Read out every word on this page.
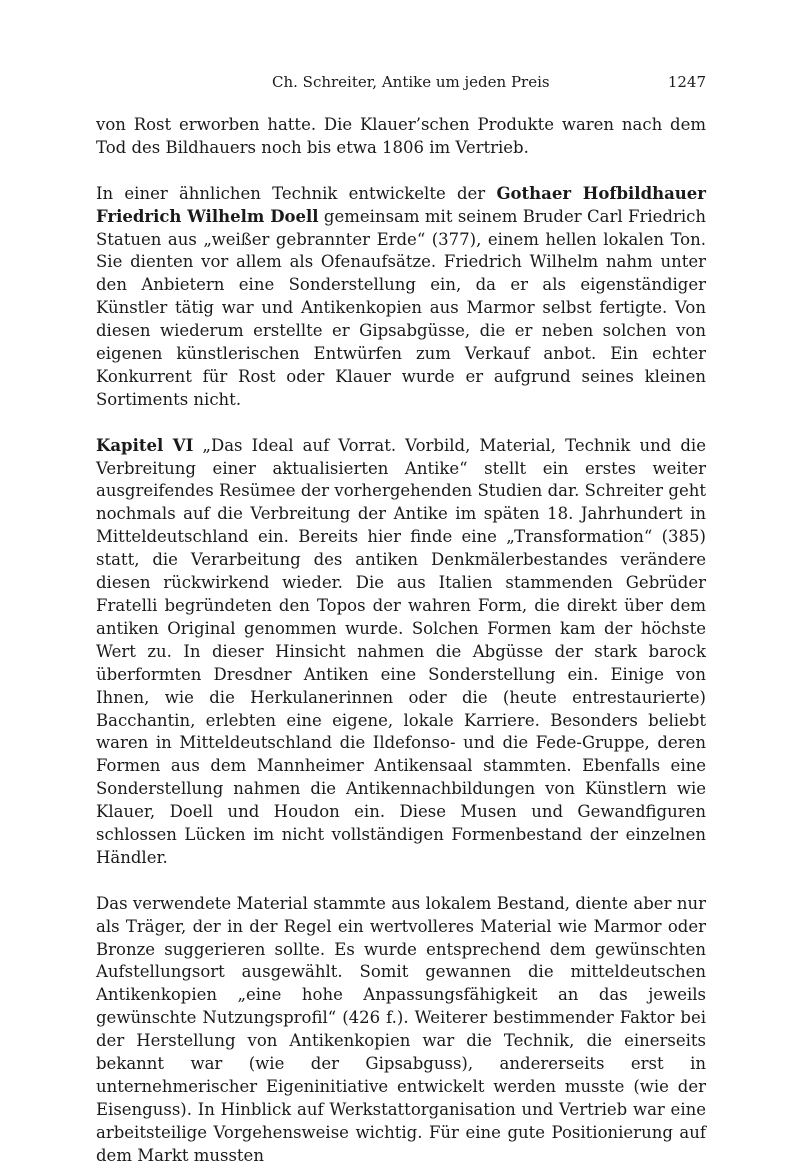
Ch. Schreiter, Antike um jeden Preis	1247

von Rost erworben hatte. Die Klauer’schen Produkte waren nach dem Tod des Bildhauers noch bis etwa 1806 im Vertrieb.

In einer ähnlichen Technik entwickelte der Gothaer Hofbildhauer Friedrich Wilhelm Doell gemeinsam mit seinem Bruder Carl Friedrich Statuen aus „weißer gebrannter Erde“ (377), einem hellen lokalen Ton. Sie dienten vor allem als Ofenaufsätze. Friedrich Wilhelm nahm unter den Anbietern eine Sonderstellung ein, da er als eigenständiger Künstler tätig war und Antikenkopien aus Marmor selbst fertigte. Von diesen wiederum erstellte er Gipsabgüsse, die er neben solchen von eigenen künstlerischen Entwürfen zum Verkauf anbot. Ein echter Konkurrent für Rost oder Klauer wurde er aufgrund seines kleinen Sortiments nicht.

Kapitel VI „Das Ideal auf Vorrat. Vorbild, Material, Technik und die Verbreitung einer aktualisierten Antike“ stellt ein erstes weiter ausgreifendes Resümee der vorhergehenden Studien dar. Schreiter geht nochmals auf die Verbreitung der Antike im späten 18. Jahrhundert in Mitteldeutschland ein. Bereits hier finde eine „Transformation“ (385) statt, die Verarbeitung des antiken Denkmälerbestandes verändere diesen rückwirkend wieder. Die aus Italien stammenden Gebrüder Fratelli begründeten den Topos der wahren Form, die direkt über dem antiken Original genommen wurde. Solchen Formen kam der höchste Wert zu. In dieser Hinsicht nahmen die Abgüsse der stark barock überformten Dresdner Antiken eine Sonderstellung ein. Einige von Ihnen, wie die Herkulanerinnen oder die (heute entrestaurierte) Bacchantin, erlebten eine eigene, lokale Karriere. Besonders beliebt waren in Mitteldeutschland die Ildefonso- und die Fede-Gruppe, deren Formen aus dem Mannheimer Antikensaal stammten. Ebenfalls eine Sonderstellung nahmen die Antikennachbildungen von Künstlern wie Klauer, Doell und Houdon ein. Diese Musen und Gewandfiguren schlossen Lücken im nicht vollständigen Formenbestand der einzelnen Händler.

Das verwendete Material stammte aus lokalem Bestand, diente aber nur als Träger, der in der Regel ein wertvolleres Material wie Marmor oder Bronze suggerieren sollte. Es wurde entsprechend dem gewünschten Aufstellungsort ausgewählt. Somit gewannen die mitteldeutschen Antikenkopien „eine hohe Anpassungsfähigkeit an das jeweils gewünschte Nutzungsprofil“ (426 f.). Weiterer bestimmender Faktor bei der Herstellung von Antikenkopien war die Technik, die einerseits bekannt war (wie der Gipsabguss), andererseits erst in unternehmerischer Eigeninitiative entwickelt werden musste (wie der Eisenguss). In Hinblick auf Werkstattorganisation und Vertrieb war eine arbeitsteilige Vorgehensweise wichtig. Für eine gute Positionierung auf dem Markt mussten
